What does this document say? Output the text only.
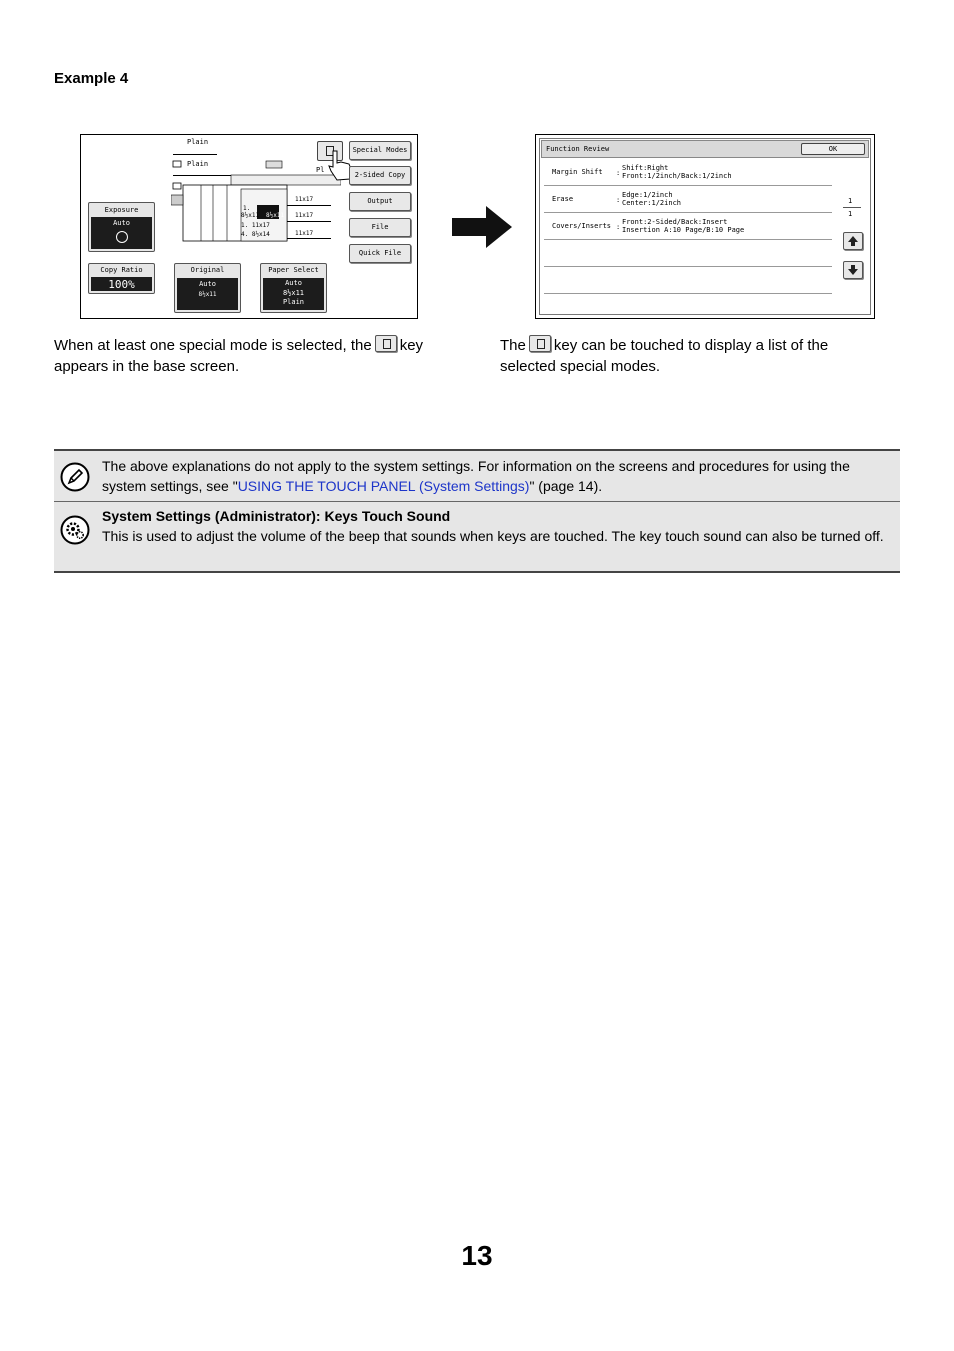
Example 4
Plain
Plain
Pl
1.
8½x11 8½x11
1. 11x17
4. 8½x14
11x17
11x17
11x17
Special Modes
2-Sided Copy
Output
File
Quick File
Exposure
Auto
Copy Ratio
100%
Original
Auto
8½x11
Paper Select
Auto
8½x11
Plain
Function Review	OK
Margin Shift :
Shift:Right
Front:1/2inch/Back:1/2inch
Erase	:
Edge:1/2inch
Center:1/2inch
Covers/Inserts :
Front:2-Sided/Back:Insert
Insertion A:10 Page/B:10 Page
1
1
When at least one special mode is selected, the key appears in the base screen.
The key can be touched to display a list of the selected special modes.
The above explanations do not apply to the system settings. For information on the screens and procedures for using the system settings, see "USING THE TOUCH PANEL (System Settings)" (page 14).
System Settings (Administrator): Keys Touch Sound
This is used to adjust the volume of the beep that sounds when keys are touched. The key touch sound can also be turned off.
13
